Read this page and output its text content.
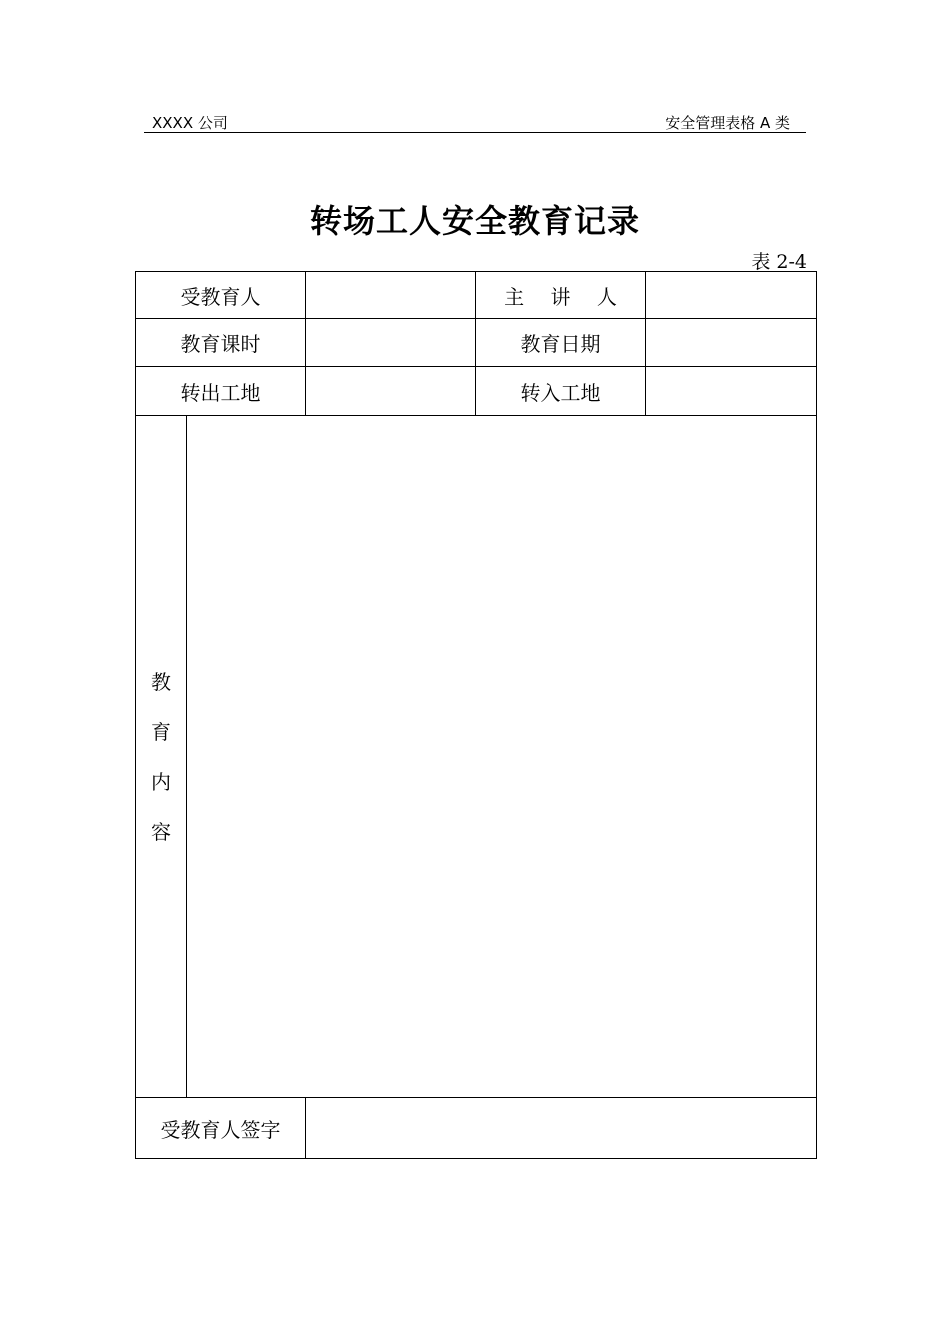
XXXX 公司	安全管理表格 A 类
转场工人安全教育记录
表 2-4
受教育人		主 讲 人	
教育课时		教育日期	
转出工地		转入工地	

教
育
内
容			

受教育人签字			
